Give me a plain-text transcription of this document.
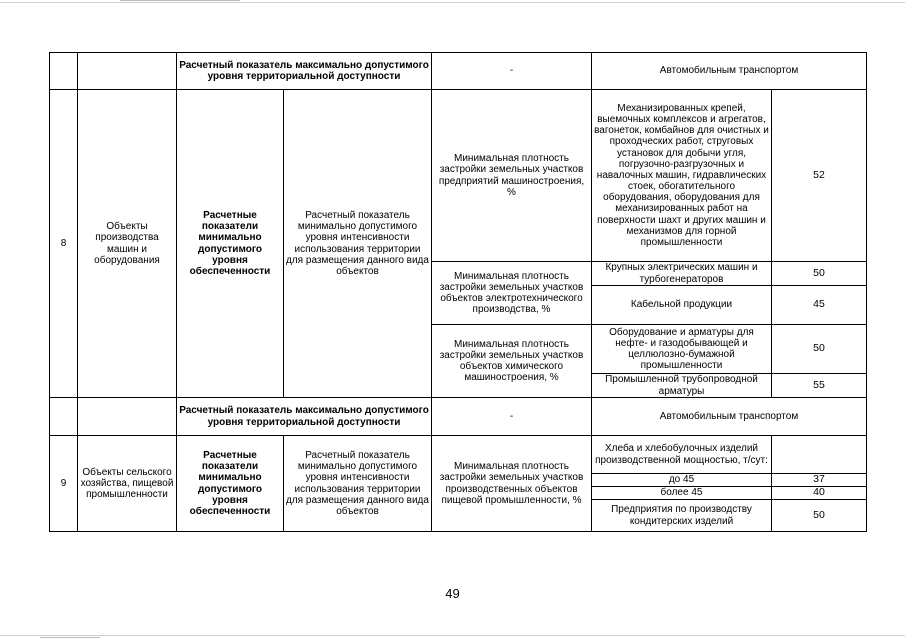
		Расчетный показатель максимально допустимого уровня территориальной доступности		-	Автомобильным транспортом	
8	Объекты производства машин и оборудования	Расчетные показатели минимально допустимого уровня обеспеченности	Расчетный показатель минимально допустимого уровня интенсивности использования территории для размещения данного вида объектов	Минимальная плотность застройки земельных участков предприятий машиностроения, %	Механизированных крепей, выемочных комплексов и агрегатов, вагонеток, комбайнов для очистных и проходческих работ, струговых установок для добычи угля, погрузочно-разгрузочных и навалочных машин, гидравлических стоек, обогатительного оборудования, оборудования для механизированных работ на поверхности шахт и других машин и механизмов для горной промышленности	52
				Минимальная плотность застройки земельных участков объектов электротехнического производства, %	Крупных электрических машин и турбогенераторов	50
					Кабельной продукции	45
				Минимальная плотность застройки земельных участков объектов химического машиностроения, %	Оборудование и арматуры для нефте- и газодобывающей и целлюлозно-бумажной промышленности	50
					Промышленной трубопроводной арматуры	55
		Расчетный показатель максимально допустимого уровня территориальной доступности		-	Автомобильным транспортом	
9	Объекты сельского хозяйства, пищевой промышленности	Расчетные показатели минимально допустимого уровня обеспеченности	Расчетный показатель минимально допустимого уровня интенсивности использования территории для размещения данного вида объектов	Минимальная плотность застройки земельных участков производственных объектов пищевой промышленности, %	Хлеба и хлебобулочных изделий производственной мощностью, т/сут:	
					до 45	37
					более 45	40
					Предприятия по производству кондитерских изделий	50
49
